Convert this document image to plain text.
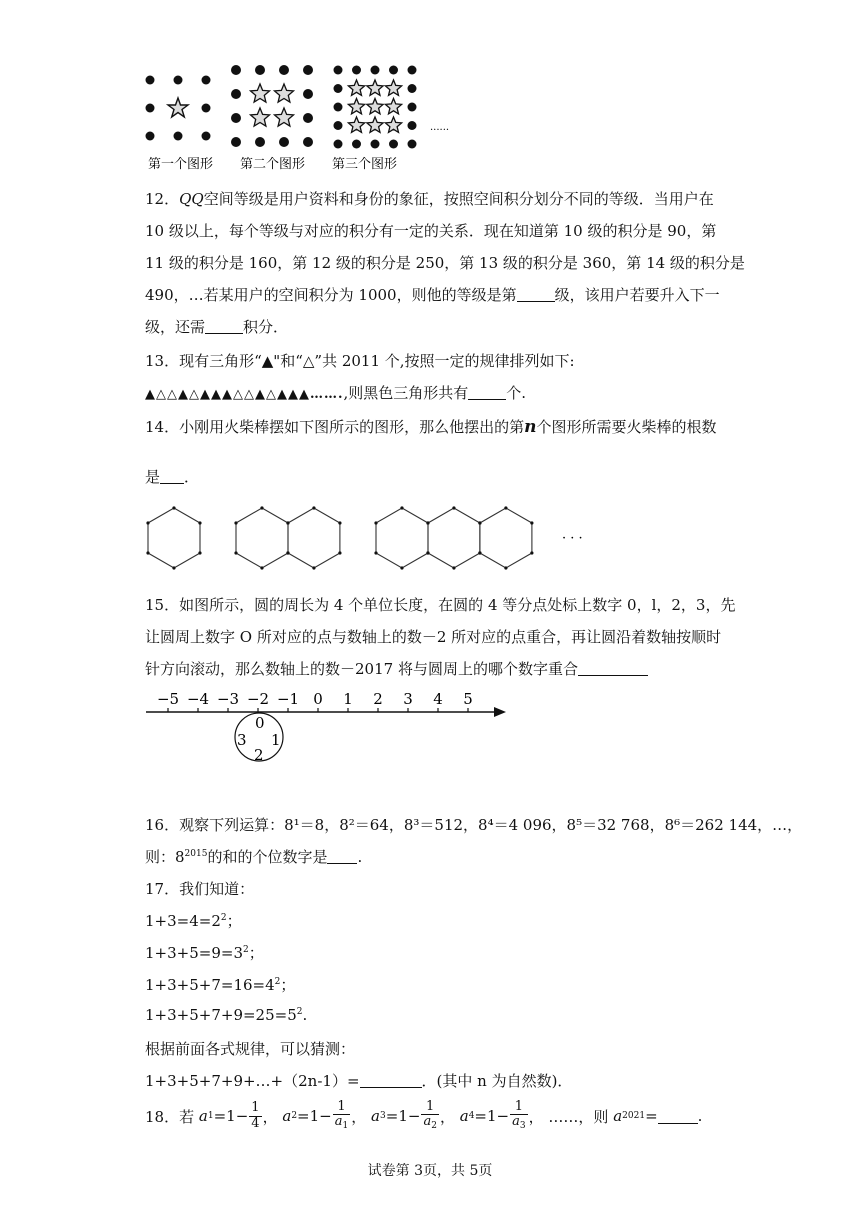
......
第一个图形 第二个图形 第三个图形
12．QQ空间等级是用户资料和身份的象征，按照空间积分划分不同的等级．当用户在
10 级以上，每个等级与对应的积分有一定的关系．现在知道第 10 级的积分是 90，第
11 级的积分是 160，第 12 级的积分是 250，第 13 级的积分是 360，第 14 级的积分是
490，…若某用户的空间积分为 1000，则他的等级是第	级，该用户若要升入下一
级，还需	积分．
13．现有三角形“▲"和“△”共 2011 个,按照一定的规律排列如下:
▲△△▲△▲▲▲△△▲△▲▲▲…….,则黑色三角形共有	个.
14．小刚用火柴棒摆如下图所示的图形，那么他摆出的第n个图形所需要火柴棒的根数
是 ．
· · ·
15．如图所示，圆的周长为 4 个单位长度，在圆的 4 等分点处标上数字 0，l，2，3，先
让圆周上数字 O 所对应的点与数轴上的数－2 所对应的点重合，再让圆沿着数轴按顺时
针方向滚动，那么数轴上的数－2017 将与圆周上的哪个数字重合
0
1
2
3
−5 −4 −3 −2 −1 0 1 2 3 4 5
16．观察下列运算：8¹＝8，8²＝64，8³＝512，8⁴＝4 096，8⁵＝32 768，8⁶＝262 144，…，
则：$8^{2015}$的和的个位数字是 .
17．我们知道：
$1+3=4=2^2$；
$1+3+5=9=3^2$；
$1+3+5+7=16=4^2$；
$1+3+5+7+9=25=5^2$.
根据前面各式规律，可以猜测：
1+3+5+7+9+…+（2n-1）=	．(其中 n 为自然数)．
18． 若
a $1 = 1- \frac{1}{4}$ ，
a $2 = 1- \frac{1}{a_1}$ ，
a $3 = 1- \frac{1}{a_2}$ ，
a $4 = 1- \frac{1}{a_3}$ ，
……，则
a 2021 =	.
试卷第 3页，共 5页
